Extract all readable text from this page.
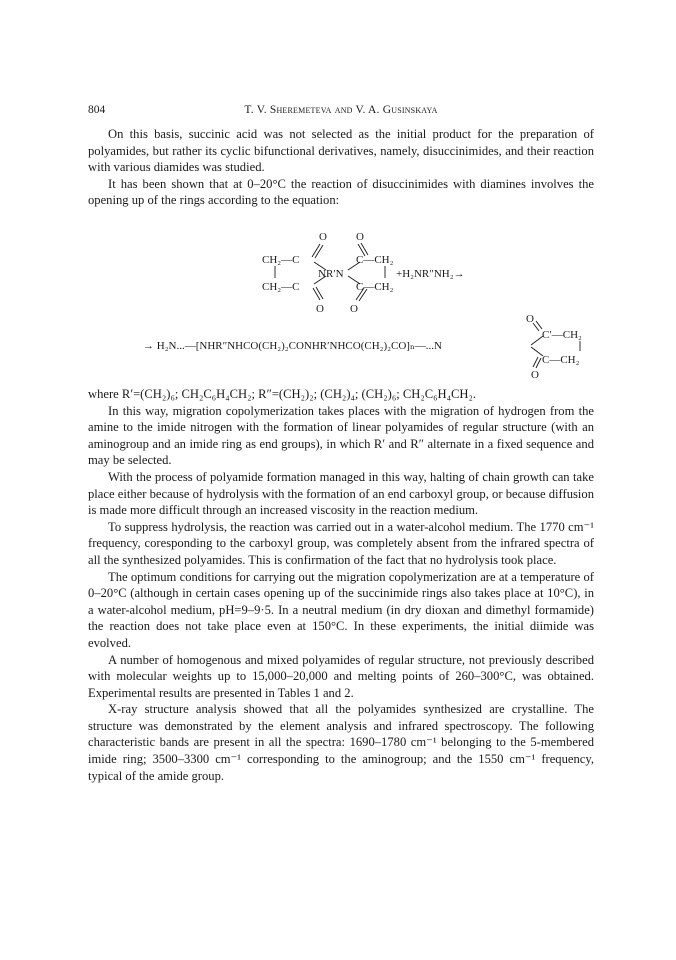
804	T. V. Sheremeteva and V. A. Gusinskaya

On this basis, succinic acid was not selected as the initial product for the preparation of polyamides, but rather its cyclic bifunctional derivatives, namely, disuccinimides, and their reaction with various diamides was studied.

It has been shown that at 0–20°C the reaction of disuccinimides with diamines involves the opening up of the rings according to the equation:

O	O
O O
CH₂—C
CH₂—C
NR′N
C—CH₂
C—CH₂
+H₂NR″NH₂→
→ H₂N...—[NHR″NHCO(CH₂)₂CONHR′NHCO(CH₂)₂CO]ₙ—...N
O
O
C′—CH₂
C—CH₂

where R′=(CH₂)₆; CH₂C₆H₄CH₂; R″=(CH₂)₂; (CH₂)₄; (CH₂)₆; CH₂C₆H₄CH₂.

In this way, migration copolymerization takes places with the migration of hydrogen from the amine to the imide nitrogen with the formation of linear polyamides of regular structure (with an aminogroup and an imide ring as end groups), in which R′ and R″ alternate in a fixed sequence and may be selected.

With the process of polyamide formation managed in this way, halting of chain growth can take place either because of hydrolysis with the formation of an end carboxyl group, or because diffusion is made more difficult through an increased viscosity in the reaction medium.

To suppress hydrolysis, the reaction was carried out in a water-alcohol medium. The 1770 cm⁻¹ frequency, coresponding to the carboxyl group, was completely absent from the infrared spectra of all the synthesized polyamides. This is confirmation of the fact that no hydrolysis took place.

The optimum conditions for carrying out the migration copolymerization are at a temperature of 0–20°C (although in certain cases opening up of the succinimide rings also takes place at 10°C), in a water-alcohol medium, pH=9–9·5. In a neutral medium (in dry dioxan and dimethyl formamide) the reaction does not take place even at 150°C. In these experiments, the initial diimide was evolved.

A number of homogenous and mixed polyamides of regular structure, not previously described with molecular weights up to 15,000–20,000 and melting points of 260–300°C, was obtained. Experimental results are presented in Tables 1 and 2.

X-ray structure analysis showed that all the polyamides synthesized are crystalline. The structure was demonstrated by the element analysis and infrared spectroscopy. The following characteristic bands are present in all the spectra: 1690–1780 cm⁻¹ belonging to the 5-membered imide ring; 3500–3300 cm⁻¹ corresponding to the aminogroup; and the 1550 cm⁻¹ frequency, typical of the amide group.
